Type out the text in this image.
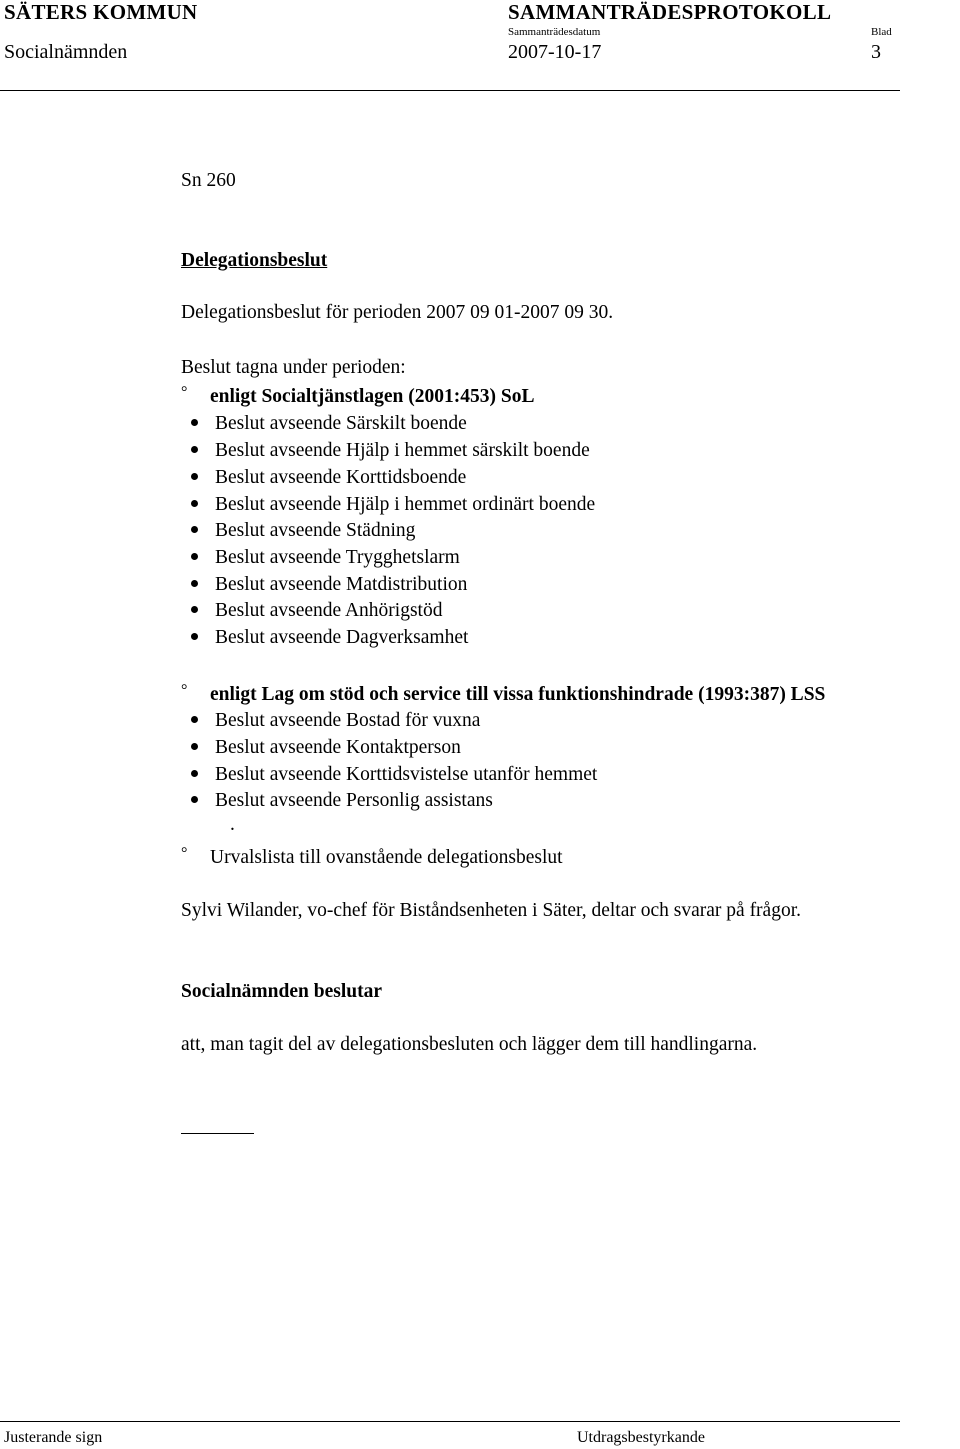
SÄTERS KOMMUN	SAMMANTRÄDESPROTOKOLL
Sammanträdesdatum	Blad
Socialnämnden	2007-10-17	3
Sn 260
Delegationsbeslut
Delegationsbeslut för perioden 2007 09 01-2007 09 30.
Beslut tagna under perioden:
° enligt Socialtjänstlagen (2001:453) SoL
Beslut avseende Särskilt boende
Beslut avseende Hjälp i hemmet särskilt boende
Beslut avseende Korttidsboende
Beslut avseende Hjälp i hemmet ordinärt boende
Beslut avseende Städning
Beslut avseende Trygghetslarm
Beslut avseende Matdistribution
Beslut avseende Anhörigstöd
Beslut avseende Dagverksamhet
° enligt Lag om stöd och service till vissa funktionshindrade (1993:387) LSS
Beslut avseende Bostad för vuxna
Beslut avseende Kontaktperson
Beslut avseende Korttidsvistelse utanför hemmet
Beslut avseende Personlig assistans
.
° Urvalslista till ovanstående delegationsbeslut
Sylvi Wilander, vo-chef för Biståndsenheten i Säter, deltar och svarar på frågor.
Socialnämnden beslutar
att, man tagit del av delegationsbesluten och lägger dem till handlingarna.
Justerande sign	Utdragsbestyrkande
